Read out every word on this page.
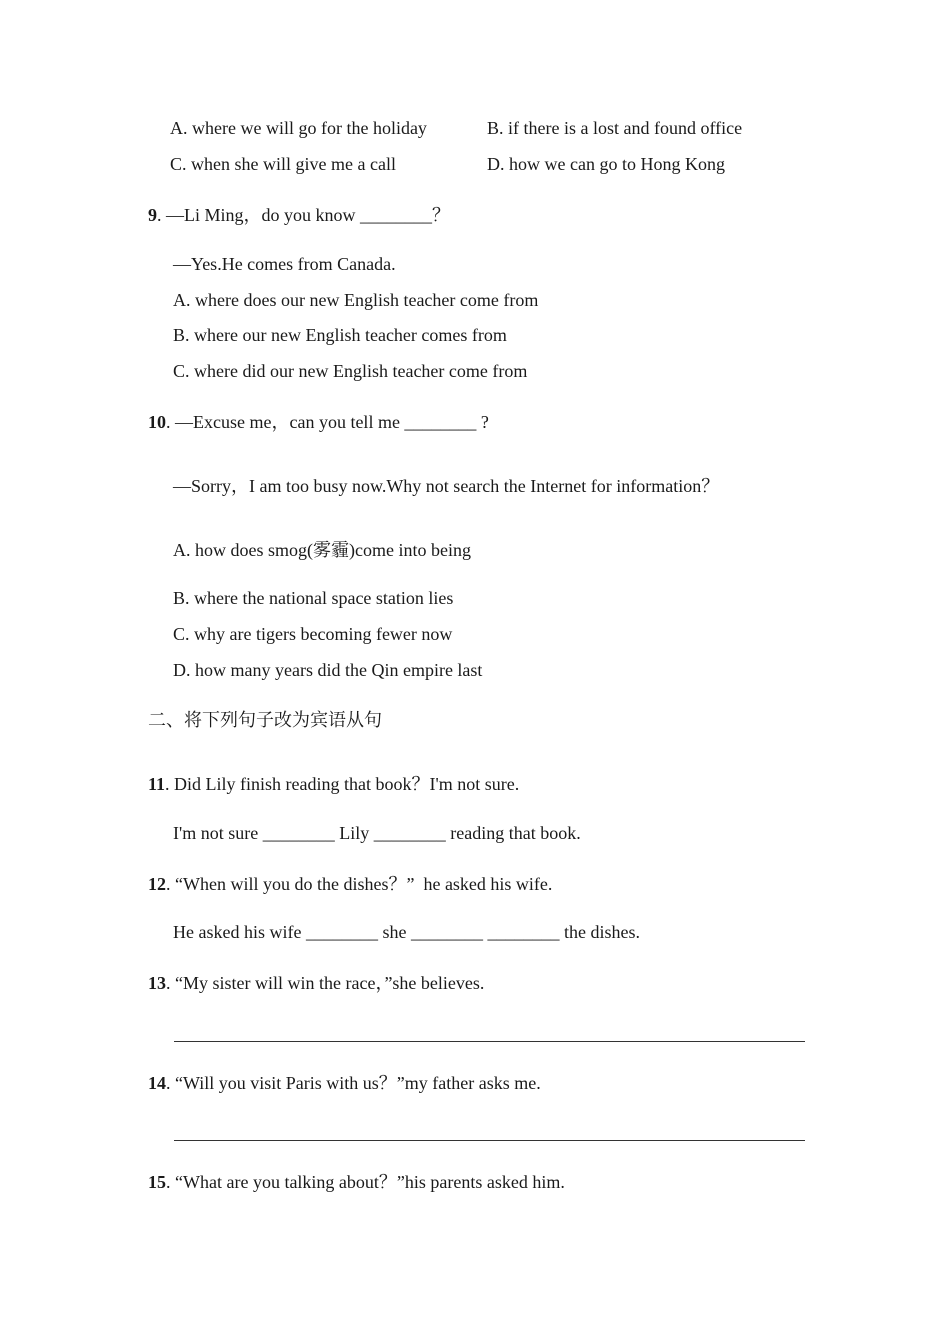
A. where we will go for the holiday	B. if there is a lost and found office
C. when she will give me a call	D. how we can go to Hong Kong
9. —Li Ming，do you know ________？
—Yes.He comes from Canada.
A. where does our new English teacher come from
B. where our new English teacher comes from
C. where did our new English teacher come from
10. —Excuse me，can you tell me ________ ?
—Sorry，I am too busy now.Why not search the Internet for information？
A. how does smog(雾霾)come into being
B. where the national space station lies
C. why are tigers becoming fewer now
D. how many years did the Qin empire last
二、将下列句子改为宾语从句
11. Did Lily finish reading that book？I'm not sure.
I'm not sure ________ Lily ________ reading that book.
12. “When will you do the dishes？”  he asked his wife.
He asked his wife ________ she ________ ________ the dishes.
13. “My sister will win the race，”she believes.
14. “Will you visit Paris with us？”my father asks me.
15. “What are you talking about？”his parents asked him.
